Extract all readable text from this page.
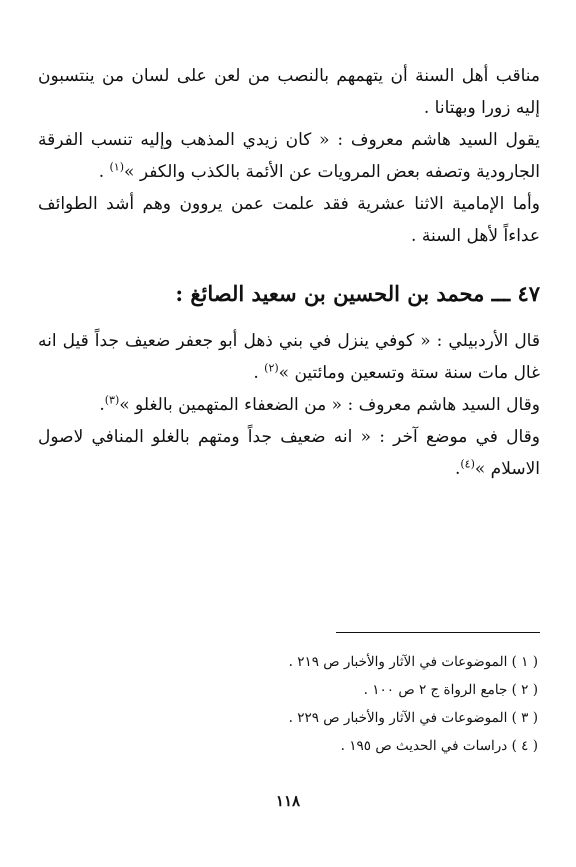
مناقب أهل السنة أن يتهمهم بالنصب من لعن على لسان من ينتسبون إليه زورا وبهتانا .

يقول السيد هاشم معروف : « كان زيدي المذهب وإليه تنسب الفرقة الجارودية وتصفه بعض المرويات عن الأئمة بالكذب والكفر »$^{(١)}$ .

وأما الإمامية الاثنا عشرية فقد علمت عمن يروون وهم أشد الطوائف عداءاً لأهل السنة .

٤٧ ـــ محمد بن الحسين بن سعيد الصائغ :

قال الأردبيلي : « كوفي ينزل في بني ذهل أبو جعفر ضعيف جداً قيل انه غال مات سنة ستة وتسعين ومائتين »$^{(٢)}$ .

وقال السيد هاشم معروف : « من الضعفاء المتهمين بالغلو »$^{(٣)}$.

وقال في موضع آخر : « انه ضعيف جداً ومتهم بالغلو المنافي لاصول الاسلام »$^{(٤)}$.

( ١ ) الموضوعات في الآثار والأخبار ص ٢١٩ .

( ٢ ) جامع الرواة ج ٢ ص ١٠٠ .

( ٣ ) الموضوعات في الآثار والأخبار ص ٢٢٩ .

( ٤ ) دراسات في الحديث ص ١٩٥ .

١١٨
